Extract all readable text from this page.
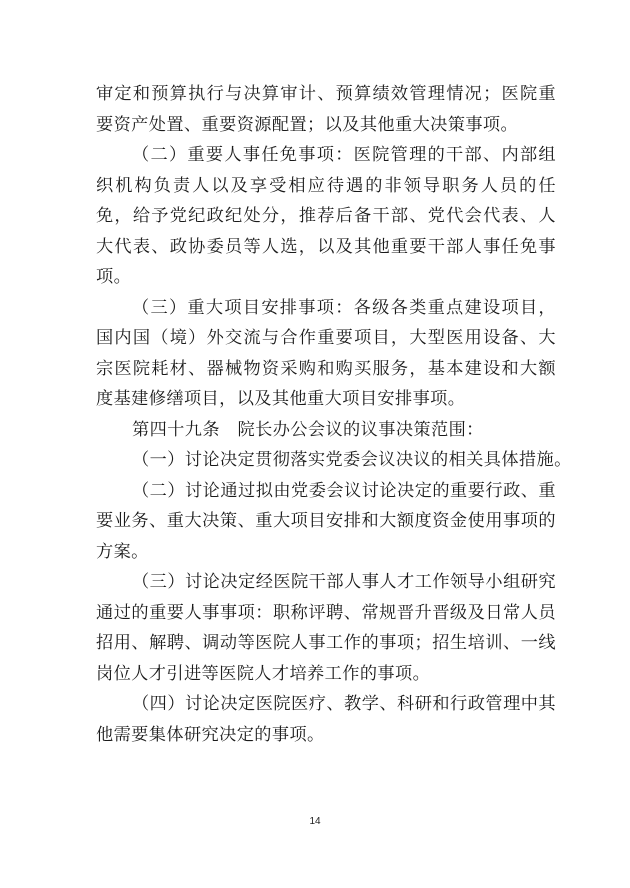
审定和预算执行与决算审计、预算绩效管理情况；医院重
要资产处置、重要资源配置；以及其他重大决策事项。
（二）重要人事任免事项：医院管理的干部、内部组
织机构负责人以及享受相应待遇的非领导职务人员的任
免，给予党纪政纪处分，推荐后备干部、党代会代表、人
大代表、政协委员等人选，以及其他重要干部人事任免事
项。
（三）重大项目安排事项：各级各类重点建设项目，
国内国（境）外交流与合作重要项目，大型医用设备、大
宗医院耗材、器械物资采购和购买服务，基本建设和大额
度基建修缮项目，以及其他重大项目安排事项。
第四十九条　院长办公会议的议事决策范围：
（一）讨论决定贯彻落实党委会议决议的相关具体措施。
（二）讨论通过拟由党委会议讨论决定的重要行政、重
要业务、重大决策、重大项目安排和大额度资金使用事项的
方案。
（三）讨论决定经医院干部人事人才工作领导小组研究
通过的重要人事事项：职称评聘、常规晋升晋级及日常人员
招用、解聘、调动等医院人事工作的事项；招生培训、一线
岗位人才引进等医院人才培养工作的事项。
（四）讨论决定医院医疗、教学、科研和行政管理中其
他需要集体研究决定的事项。
14
